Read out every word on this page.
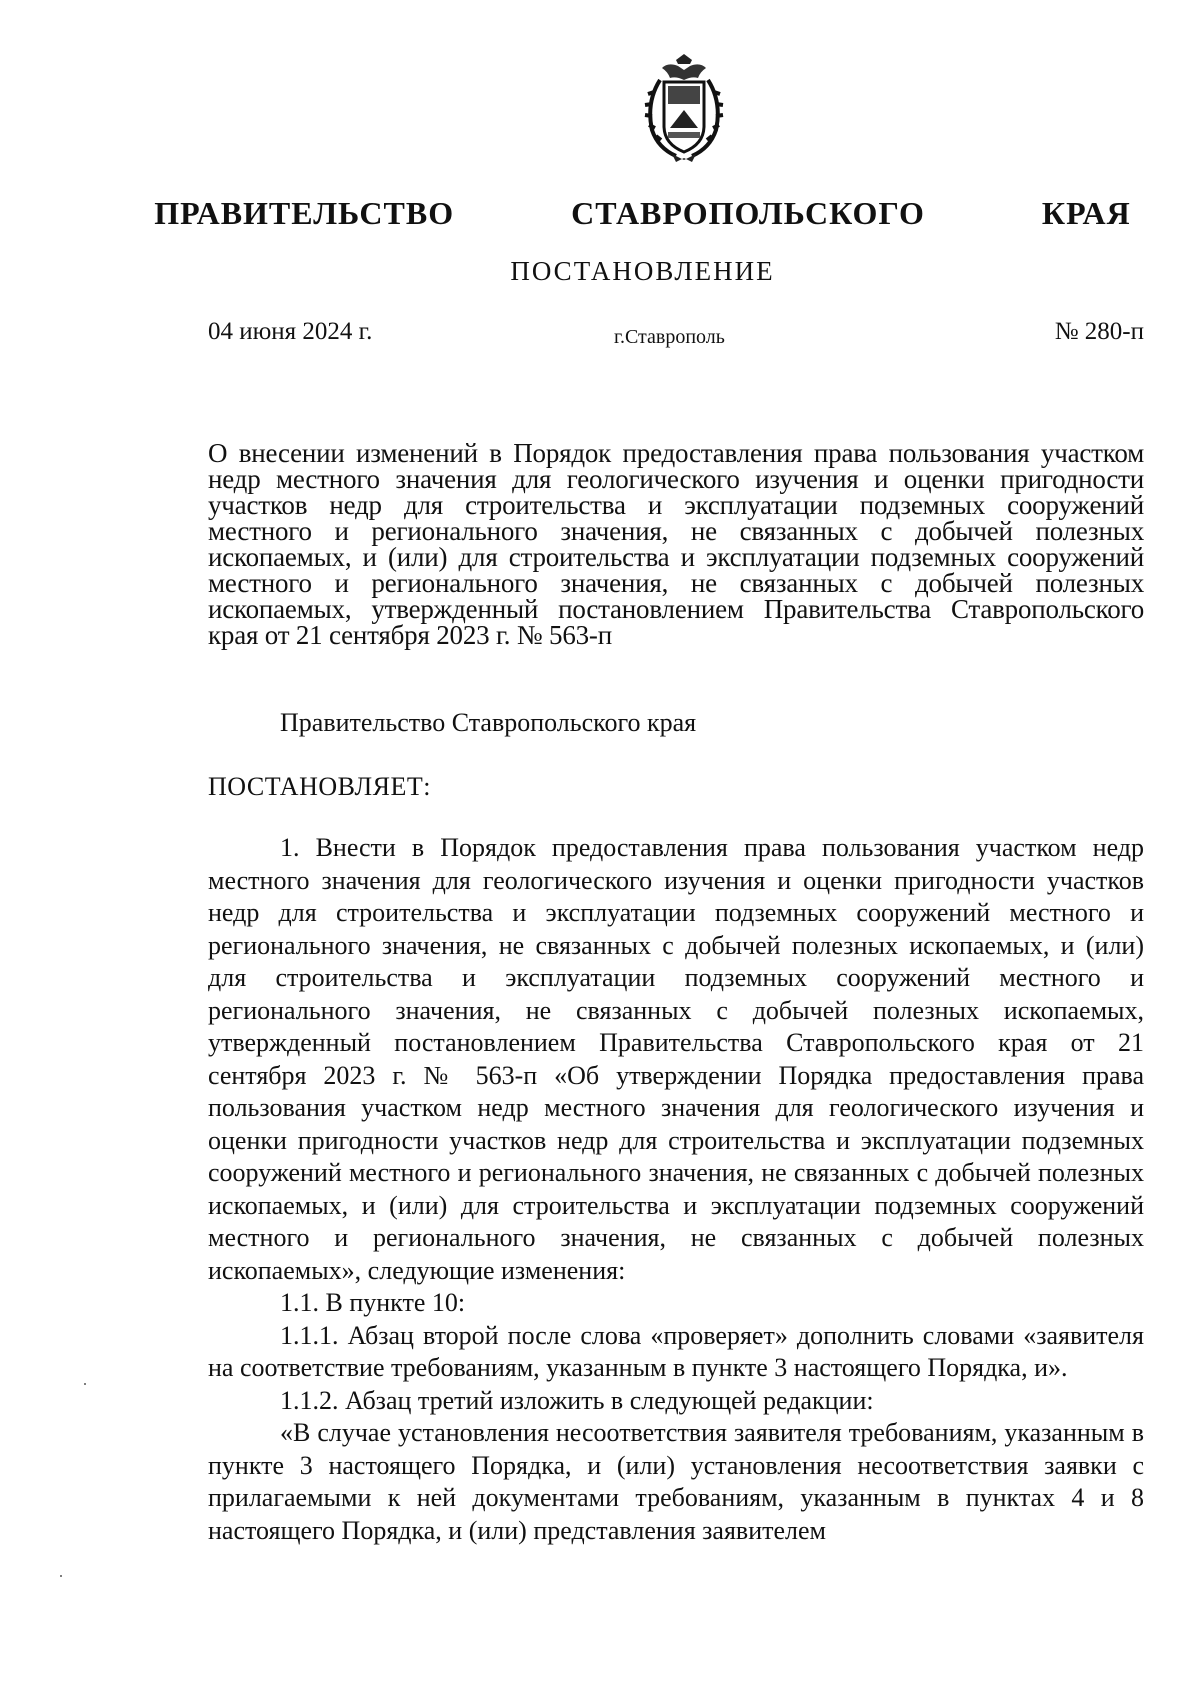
ПРАВИТЕЛЬСТВО   СТАВРОПОЛЬСКОГО   КРАЯ
ПОСТАНОВЛЕНИЕ
04 июня 2024 г.	г.Ставрополь	№ 280-п
О внесении изменений в Порядок предоставления права пользования участком недр местного значения для геологического изучения и оценки пригодности участков недр для строительства и эксплуатации подземных сооружений местного и регионального значения, не связанных с добычей полезных ископаемых, и (или) для строительства и эксплуатации подземных сооружений местного и регионального значения, не связанных с добычей полезных ископаемых, утвержденный постановлением Правительства Ставропольского края от 21 сентября 2023 г. № 563-п
Правительство Ставропольского края
ПОСТАНОВЛЯЕТ:

1. Внести в Порядок предоставления права пользования участком недр местного значения для геологического изучения и оценки пригодности участков недр для строительства и эксплуатации подземных сооружений местного и регионального значения, не связанных с добычей полезных ископаемых, и (или) для строительства и эксплуатации подземных сооружений местного и регионального значения, не связанных с добычей полезных ископаемых, утвержденный постановлением Правительства Ставропольского края от 21 сентября 2023 г. № 563-п «Об утверждении Порядка предоставления права пользования участком недр местного значения для геологического изучения и оценки пригодности участков недр для строительства и эксплуатации подземных сооружений местного и регионального значения, не связанных с добычей полезных ископаемых, и (или) для строительства и эксплуатации подземных сооружений местного и регионального значения, не связанных с добычей полезных ископаемых», следующие изменения:

1.1. В пункте 10:

1.1.1. Абзац второй после слова «проверяет» дополнить словами «заявителя на соответствие требованиям, указанным в пункте 3 настоящего Порядка, и».

1.1.2. Абзац третий изложить в следующей редакции:

«В случае установления несоответствия заявителя требованиям, указанным в пункте 3 настоящего Порядка, и (или) установления несоответствия заявки с прилагаемыми к ней документами требованиям, указанным в пунктах 4 и 8 настоящего Порядка, и (или) представления заявителем
